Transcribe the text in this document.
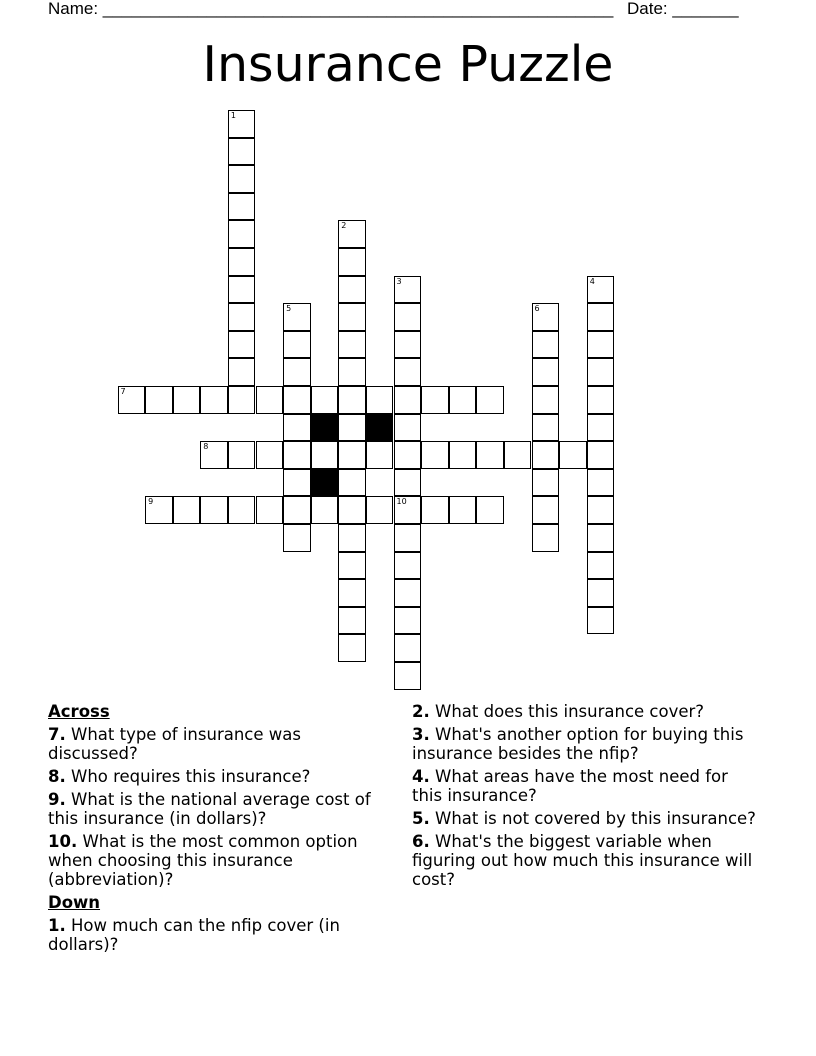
Name: ______________________________________________________ Date: _______
Insurance Puzzle
1
2
3
10
4
5	6
7
8
9
Across
7. What type of insurance was discussed?
8. Who requires this insurance?
9. What is the national average cost of this insurance (in dollars)?
10. What is the most common option when choosing this insurance (abbreviation)?
Down
1. How much can the nfip cover (in dollars)?
2. What does this insurance cover?
3. What's another option for buying this insurance besides the nfip?
4. What areas have the most need for this insurance?
5. What is not covered by this insurance?
6. What's the biggest variable when figuring out how much this insurance will cost?
